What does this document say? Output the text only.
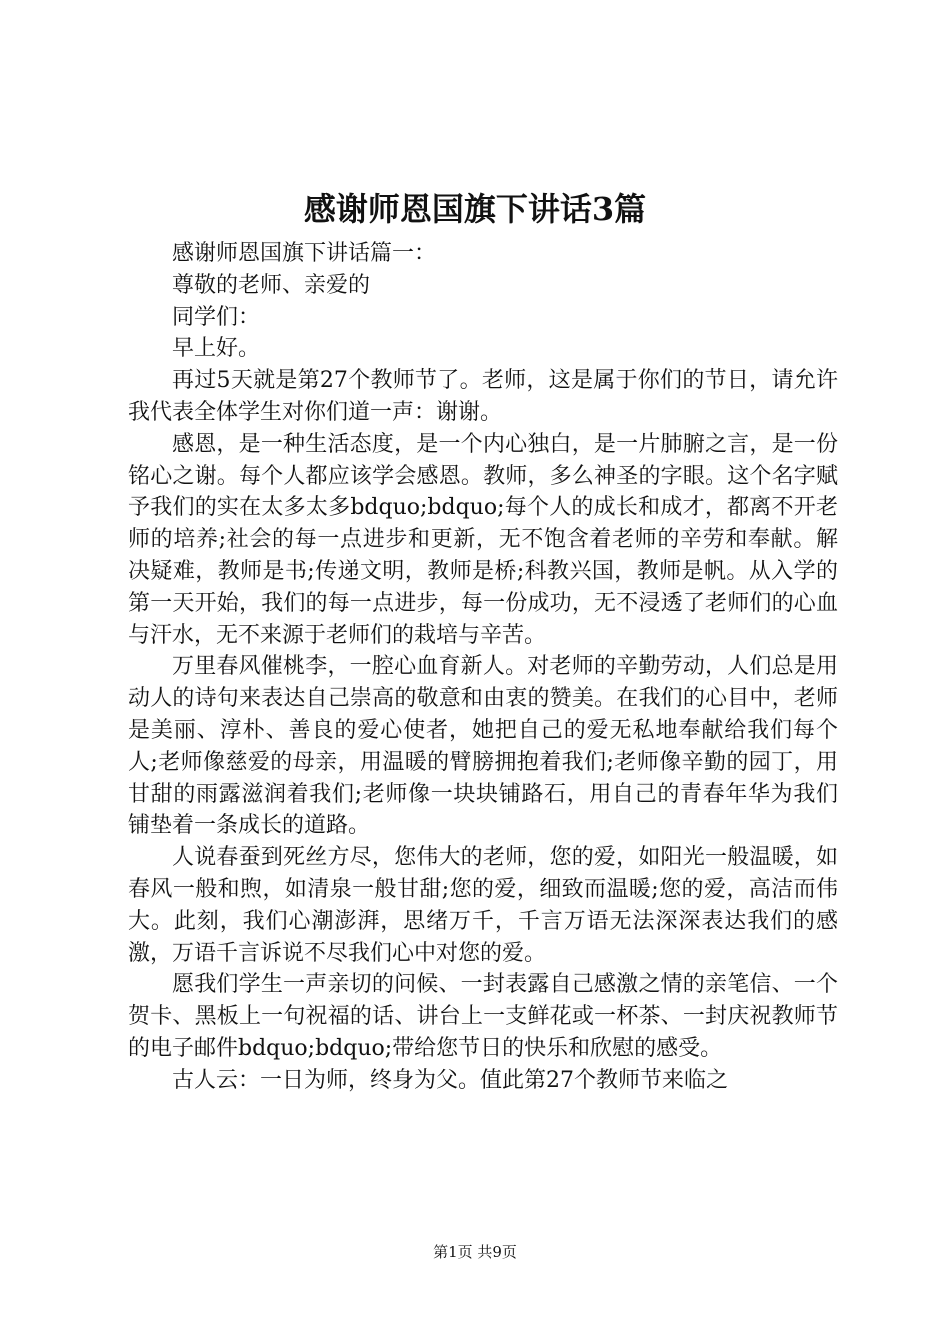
感谢师恩国旗下讲话3篇

感谢师恩国旗下讲话篇一：

尊敬的老师、亲爱的

同学们：

早上好。

再过5天就是第27个教师节了。老师，这是属于你们的节日，请允许我代表全体学生对你们道一声：谢谢。

感恩，是一种生活态度，是一个内心独白，是一片肺腑之言，是一份铭心之谢。每个人都应该学会感恩。教师，多么神圣的字眼。这个名字赋予我们的实在太多太多bdquo;bdquo;每个人的成长和成才，都离不开老师的培养;社会的每一点进步和更新，无不饱含着老师的辛劳和奉献。解决疑难，教师是书;传递文明，教师是桥;科教兴国，教师是帆。从入学的第一天开始，我们的每一点进步，每一份成功，无不浸透了老师们的心血与汗水，无不来源于老师们的栽培与辛苦。

万里春风催桃李，一腔心血育新人。对老师的辛勤劳动，人们总是用动人的诗句来表达自己崇高的敬意和由衷的赞美。在我们的心目中，老师是美丽、淳朴、善良的爱心使者，她把自己的爱无私地奉献给我们每个人;老师像慈爱的母亲，用温暖的臂膀拥抱着我们;老师像辛勤的园丁，用甘甜的雨露滋润着我们;老师像一块块铺路石，用自己的青春年华为我们铺垫着一条成长的道路。

人说春蚕到死丝方尽，您伟大的老师，您的爱，如阳光一般温暖，如春风一般和煦，如清泉一般甘甜;您的爱，细致而温暖;您的爱，高洁而伟大。此刻，我们心潮澎湃，思绪万千，千言万语无法深深表达我们的感激，万语千言诉说不尽我们心中对您的爱。

愿我们学生一声亲切的问候、一封表露自己感激之情的亲笔信、一个贺卡、黑板上一句祝福的话、讲台上一支鲜花或一杯茶、一封庆祝教师节的电子邮件bdquo;bdquo;带给您节日的快乐和欣慰的感受。

古人云：一日为师，终身为父。值此第27个教师节来临之

第1页 共9页
